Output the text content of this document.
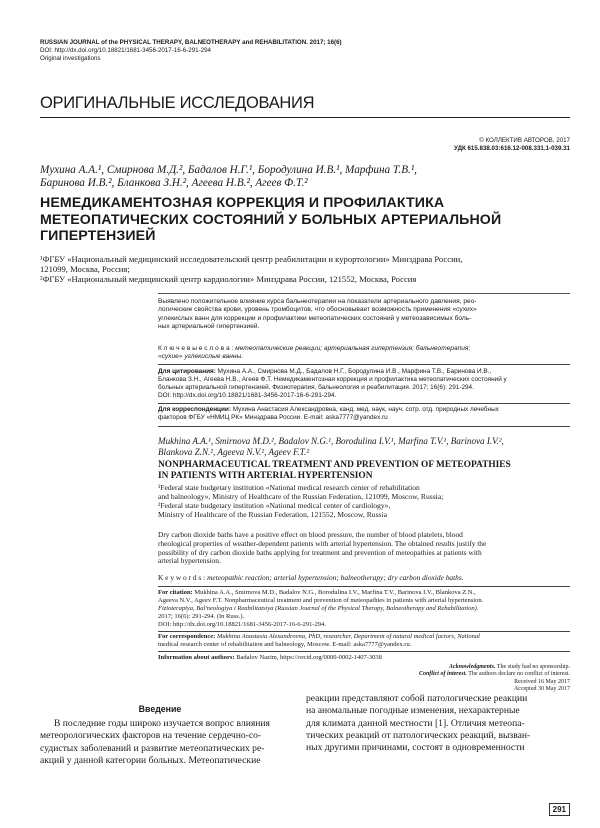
RUSSIAN JOURNAL of the PHYSICAL THERAPY, BALNEOTHERAPY and REHABILITATION. 2017; 16(6)
DOI: http://dx.doi.org/10.18821/1681-3456-2017-16-6-291-294
Original investigations
ОРИГИНАЛЬНЫЕ ИССЛЕДОВАНИЯ
© КОЛЛЕКТИВ АВТОРОВ, 2017
УДК 615.838.03:616.12-008.331.1-039.31
Мухина А.А.¹, Смирнова М.Д.², Бадалов Н.Г.¹, Бородулина И.В.¹, Марфина Т.В.¹,
Баринова И.В.², Бланкова З.Н.², Агеева Н.В.², Агеев Ф.Т.²
НЕМЕДИКАМЕНТОЗНАЯ КОРРЕКЦИЯ И ПРОФИЛАКТИКА
МЕТЕОПАТИЧЕСКИХ СОСТОЯНИЙ У БОЛЬНЫХ АРТЕРИАЛЬНОЙ
ГИПЕРТЕНЗИЕЙ
¹ФГБУ «Национальный медицинский исследовательский центр реабилитации и курортологии» Минздрава России,
121099, Москва, Россия;
²ФГБУ «Национальный медицинский центр кардиологии» Минздрава России, 121552, Москва, Россия
Выявлено положительное влияние курса бальнеотерапии на показатели артериального давления, рео-
логические свойства крови, уровень тромбоцитов, что обосновывает возможность применения «сухих»
углекислых ванн для коррекции и профилактики метеопатических состояний у метеозависимых боль-
ных артериальной гипертензией.
К л ю ч е в ы е с л о в а : метеопатические реакции; артериальная гипертензия; бальнеотерапия;
«сухие» углекислые ванны.
Для цитирования: Мухина А.А., Смирнова М.Д., Бадалов Н.Г., Бородулина И.В., Марфина Т.В., Баринова И.В.,
Бланкова З.Н., Агеева Н.В., Агеев Ф.Т. Немедикаментозная коррекция и профилактика метеопатических состояний у
больных артериальной гипертензией. Физиотерапия, бальнеология и реабилитация. 2017; 16(6): 291-294.
DOI: http://dx.doi.org/10.18821/1681-3456-2017-16-6-291-294.
Для корреспонденции: Мухина Анастасия Александровна, канд. мед. наук, науч. сотр. отд. природных лечебных
факторов ФГБУ «НМИЦ РК» Минздрава России. E-mail: aska7777@yandex.ru
Mukhina A.A.¹, Smirnova M.D.², Badalov N.G.¹, Borodulina I.V.¹, Marfina T.V.¹, Barinova I.V.²,
Blankova Z.N.², Ageeva N.V.², Ageev F.T.²
NONPHARMACEUTICAL TREATMENT AND PREVENTION OF METEOPATHIES
IN PATIENTS WITH ARTERIAL HYPERTENSION
¹Federal state budgetary institution «National medical research center of rehabilitation
and balneology», Ministry of Healthcare of the Russian Federation, 121099, Moscow, Russia;
²Federal state budgetary institution «National medical center of cardiology»,
Ministry of Healthcare of the Russian Federation, 121552, Moscow, Russia
Dry carbon dioxide baths have a positive effect on blood pressure, the number of blood platelets, blood
rheological properties of weather-dependent patients with arterial hypertension. The obtained results justify the
possibility of dry carbon dioxide baths applying for treatment and prevention of meteopathies at patients with
arterial hypertension.
K e y w o r d s : meteopathic reaction; arterial hypertension; balneotherapy; dry carbon dioxide baths.
For citation: Mukhina A.A., Smirnova M.D., Badalov N.G., Borodulina I.V., Marfina T.V., Barinova I.V., Blankova Z.N.,
Ageeva N.V., Ageev F.T. Nonpharmaceutical treatment and prevention of meteopathies in patients with arterial hypertension.
Fizioterapiya, Bal'neologiya i Reabilitatsiya (Russian Journal of the Physical Therapy, Balneotherapy and Rehabilitation).
2017; 16(6): 291-294. (In Russ.).
DOI: http://dx.doi.org/10.18821/1681-3456-2017-16-6-291-294.
For correspondence: Mukhina Anastasia Alexandrovna, PhD, researcher, Department of natural medical factors, National
medical research center of rehabilitation and balneology, Moscow. E-mail: aska7777@yandex.ru.
Information about authors: Badalov Nazim, https://orcid.org/0000-0002-1407-3038
Acknowledgments. The study had no sponsorship.
Conflict of interest. The authors declare no conflict of interest.
Received 16 May 2017
Accepted 30 May 2017
Введение
В последние годы широко изучается вопрос влияния
метеорологических факторов на течение сердечно-со-
судистых заболеваний и развитие метеопатических ре-
акций у данной категории больных. Метеопатические
реакции представляют собой патологические реакции
на аномальные погодные изменения, нехарактерные
для климата данной местности [1]. Отличия метеопа-
тических реакций от патологических реакций, вызван-
ных другими причинами, состоят в одновременности
291
